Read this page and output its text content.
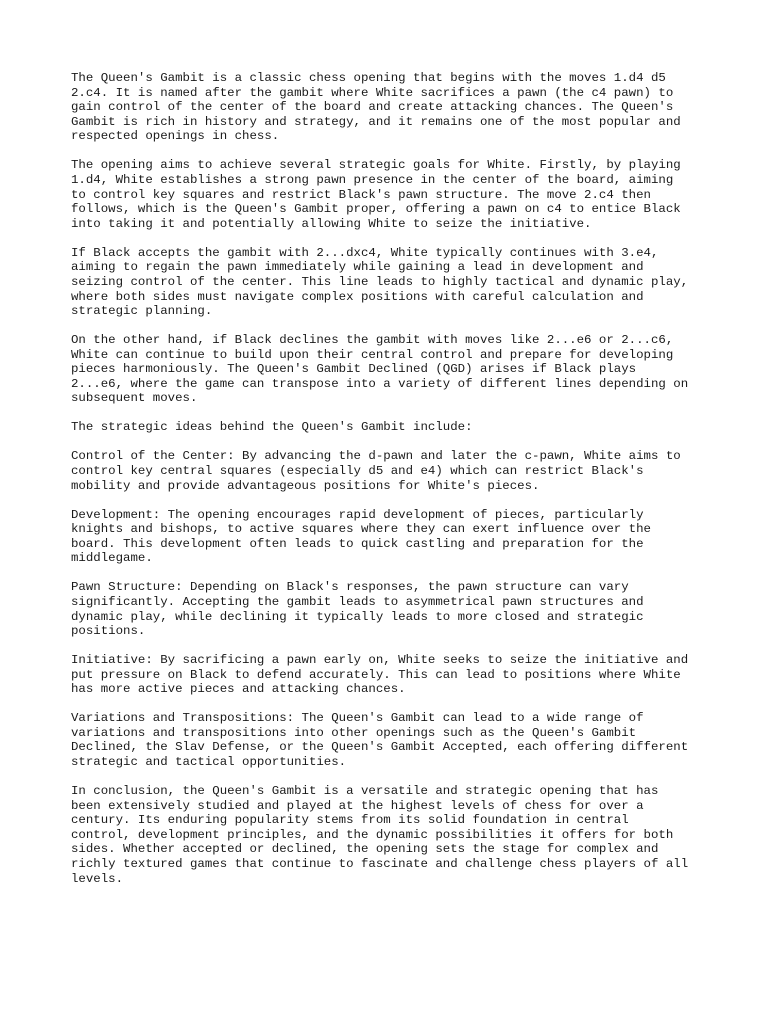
The Queen's Gambit is a classic chess opening that begins with the moves 1.d4 d5
2.c4. It is named after the gambit where White sacrifices a pawn (the c4 pawn) to
gain control of the center of the board and create attacking chances. The Queen's
Gambit is rich in history and strategy, and it remains one of the most popular and
respected openings in chess.

The opening aims to achieve several strategic goals for White. Firstly, by playing
1.d4, White establishes a strong pawn presence in the center of the board, aiming
to control key squares and restrict Black's pawn structure. The move 2.c4 then
follows, which is the Queen's Gambit proper, offering a pawn on c4 to entice Black
into taking it and potentially allowing White to seize the initiative.

If Black accepts the gambit with 2...dxc4, White typically continues with 3.e4,
aiming to regain the pawn immediately while gaining a lead in development and
seizing control of the center. This line leads to highly tactical and dynamic play,
where both sides must navigate complex positions with careful calculation and
strategic planning.

On the other hand, if Black declines the gambit with moves like 2...e6 or 2...c6,
White can continue to build upon their central control and prepare for developing
pieces harmoniously. The Queen's Gambit Declined (QGD) arises if Black plays
2...e6, where the game can transpose into a variety of different lines depending on
subsequent moves.

The strategic ideas behind the Queen's Gambit include:

Control of the Center: By advancing the d-pawn and later the c-pawn, White aims to
control key central squares (especially d5 and e4) which can restrict Black's
mobility and provide advantageous positions for White's pieces.

Development: The opening encourages rapid development of pieces, particularly
knights and bishops, to active squares where they can exert influence over the
board. This development often leads to quick castling and preparation for the
middlegame.

Pawn Structure: Depending on Black's responses, the pawn structure can vary
significantly. Accepting the gambit leads to asymmetrical pawn structures and
dynamic play, while declining it typically leads to more closed and strategic
positions.

Initiative: By sacrificing a pawn early on, White seeks to seize the initiative and
put pressure on Black to defend accurately. This can lead to positions where White
has more active pieces and attacking chances.

Variations and Transpositions: The Queen's Gambit can lead to a wide range of
variations and transpositions into other openings such as the Queen's Gambit
Declined, the Slav Defense, or the Queen's Gambit Accepted, each offering different
strategic and tactical opportunities.

In conclusion, the Queen's Gambit is a versatile and strategic opening that has
been extensively studied and played at the highest levels of chess for over a
century. Its enduring popularity stems from its solid foundation in central
control, development principles, and the dynamic possibilities it offers for both
sides. Whether accepted or declined, the opening sets the stage for complex and
richly textured games that continue to fascinate and challenge chess players of all
levels.
